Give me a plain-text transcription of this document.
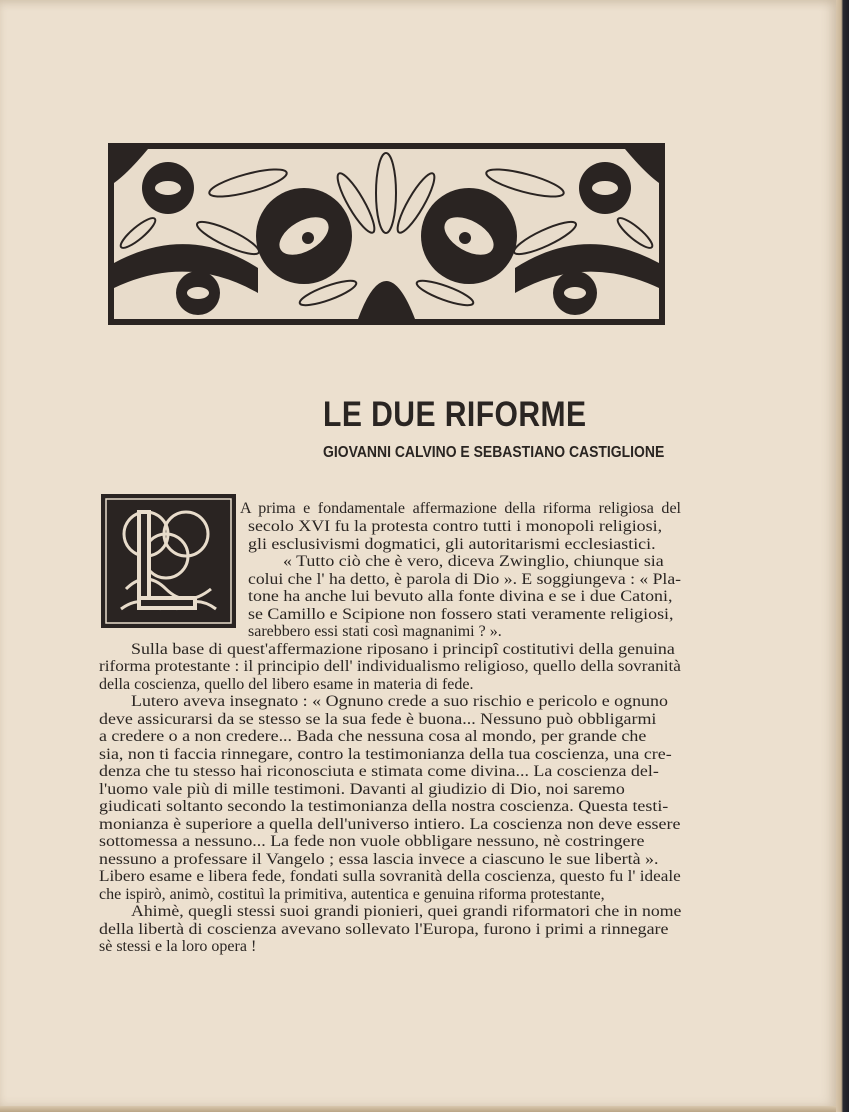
LE DUE RIFORME
GIOVANNI CALVINO E SEBASTIANO CASTIGLIONE

A prima e fondamentale affermazione della riforma religiosa del

secolo XVI fu la protesta contro tutti i monopoli religiosi,

gli esclusivismi dogmatici, gli autoritarismi ecclesiastici.

« Tutto ciò che è vero, diceva Zwinglio, chiunque sia

colui che l' ha detto, è parola di Dio ». E soggiungeva : « Pla-

tone ha anche lui bevuto alla fonte divina e se i due Catoni,

se Camillo e Scipione non fossero stati veramente religiosi,

sarebbero essi stati così magnanimi ? ».

Sulla base di quest'affermazione riposano i principî costitutivi della genuina

riforma protestante : il principio dell' individualismo religioso, quello della sovranità

della coscienza, quello del libero esame in materia di fede.

Lutero aveva insegnato : « Ognuno crede a suo rischio e pericolo e ognuno

deve assicurarsi da se stesso se la sua fede è buona... Nessuno può obbligarmi

a credere o a non credere... Bada che nessuna cosa al mondo, per grande che

sia, non ti faccia rinnegare, contro la testimonianza della tua coscienza, una cre-

denza che tu stesso hai riconosciuta e stimata come divina... La coscienza del-

l'uomo vale più di mille testimoni. Davanti al giudizio di Dio, noi saremo

giudicati soltanto secondo la testimonianza della nostra coscienza. Questa testi-

monianza è superiore a quella dell'universo intiero. La coscienza non deve essere

sottomessa a nessuno... La fede non vuole obbligare nessuno, nè costringere

nessuno a professare il Vangelo ; essa lascia invece a ciascuno le sue libertà ».

Libero esame e libera fede, fondati sulla sovranità della coscienza, questo fu l' ideale

che ispirò, animò, costituì la primitiva, autentica e genuina riforma protestante,

Ahimè, quegli stessi suoi grandi pionieri, quei grandi riformatori che in nome

della libertà di coscienza avevano sollevato l'Europa, furono i primi a rinnegare

sè stessi e la loro opera !
